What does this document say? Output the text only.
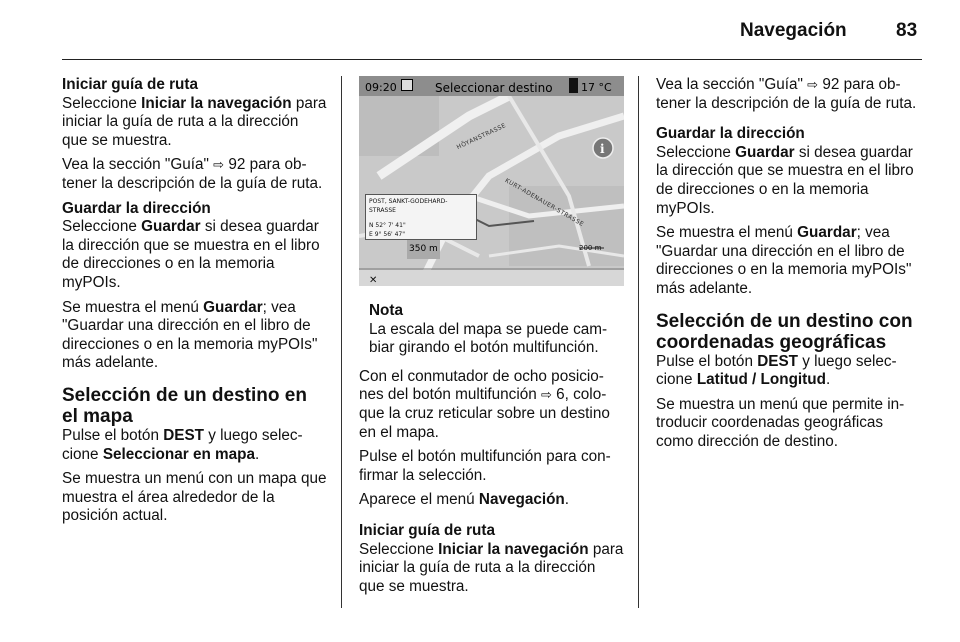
Navegación	83
Iniciar guía de ruta

Seleccione Iniciar la navegación para iniciar la guía de ruta a la dirección que se muestra.

Vea la sección "Guía" ⇨ 92 para ob-tener la descripción de la guía de ruta.

Guardar la dirección

Seleccione Guardar si desea guardar la dirección que se muestra en el libro de direcciones o en la memoria myPOIs.

Se muestra el menú Guardar; vea "Guardar una dirección en el libro de direcciones o en la memoria myPOIs" más adelante.

Selección de un destino en el mapa

Pulse el botón DEST y luego selec-cione Seleccionar en mapa.

Se muestra un menú con un mapa que muestra el área alrededor de la posición actual.

i
09:20	Seleccionar destino	17 °C
HÖYANSTRASSE
KURT-ADENAUER-STRASSE
POST, SANKT-GODEHARD-STRASSE
N 52° 7' 41"
E 9° 56' 47"
350 m	200 m
✕
Nota
La escala del mapa se puede cam-biar girando el botón multifunción.

Con el conmutador de ocho posicio-nes del botón multifunción ⇨ 6, colo-que la cruz reticular sobre un destino en el mapa.

Pulse el botón multifunción para con-firmar la selección.

Aparece el menú Navegación.

Iniciar guía de ruta

Seleccione Iniciar la navegación para iniciar la guía de ruta a la dirección que se muestra.

Vea la sección "Guía" ⇨ 92 para ob-tener la descripción de la guía de ruta.

Guardar la dirección

Seleccione Guardar si desea guardar la dirección que se muestra en el libro de direcciones o en la memoria myPOIs.

Se muestra el menú Guardar; vea "Guardar una dirección en el libro de direcciones o en la memoria myPOIs" más adelante.

Selección de un destino con coordenadas geográficas

Pulse el botón DEST y luego selec-cione Latitud / Longitud.

Se muestra un menú que permite in-troducir coordenadas geográficas como dirección de destino.
